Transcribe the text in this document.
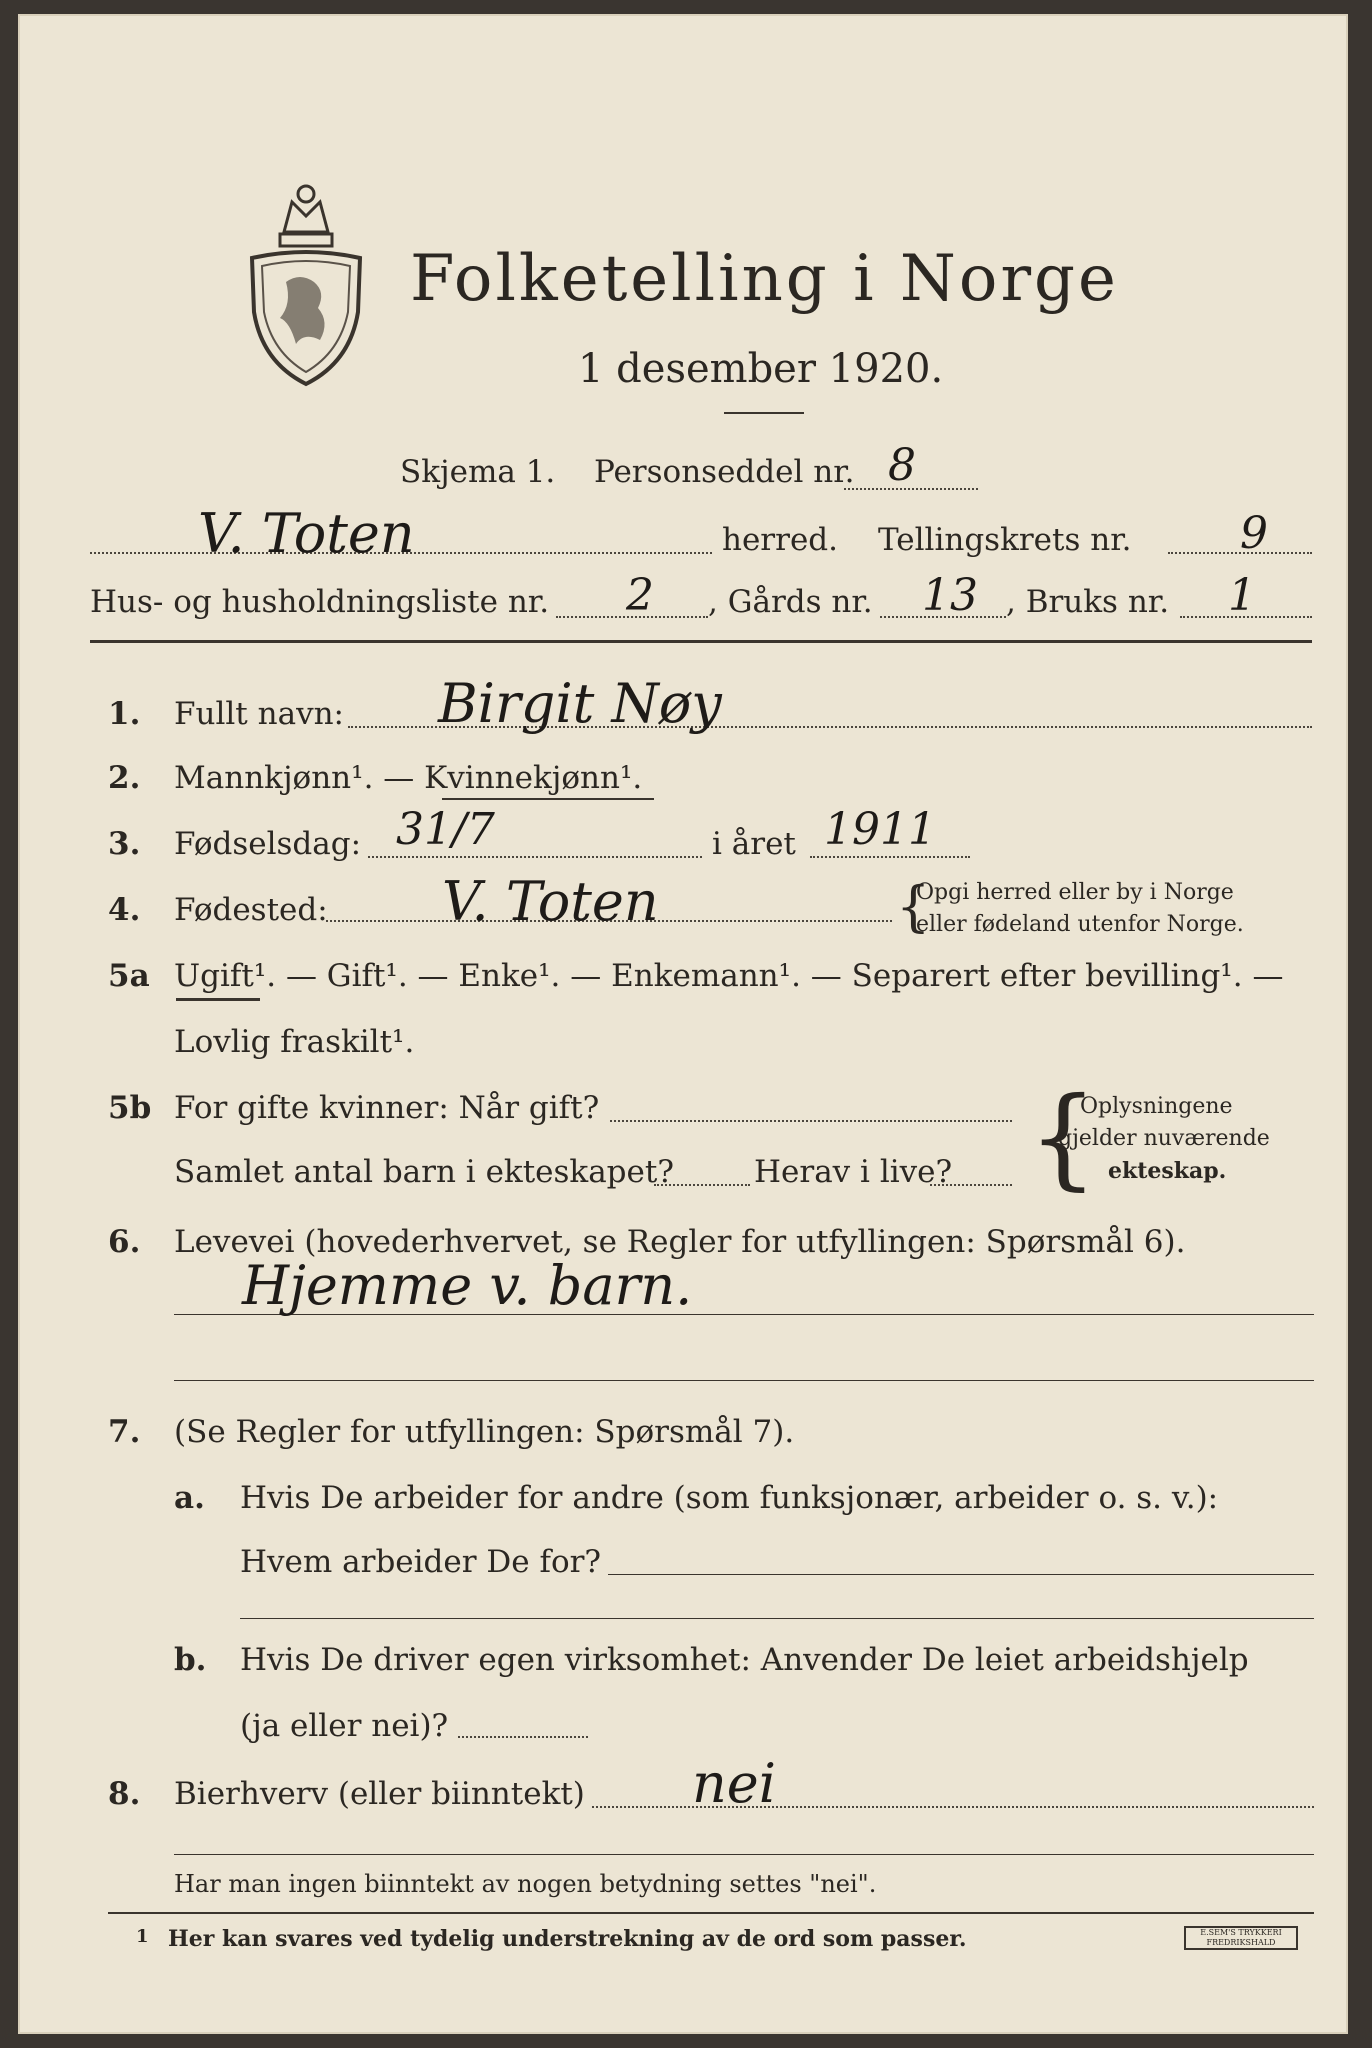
Folketelling i Norge
1 desember 1920.
Skjema 1. Personseddel nr. 8
V. Toten	herred. Tellingskrets nr. 9
Hus- og husholdningsliste nr. 2 , Gårds nr. 13 , Bruks nr. 1
1. Fullt navn: Birgit Nøy
2. Mannkjønn¹. — Kvinnekjønn¹.
3. Fødselsdag: 31/7	i året 1911
4. Fødested: V. Toten	{
Opgi herred eller by i Norge
eller fødeland utenfor Norge.
5a Ugift¹. — Gift¹. — Enke¹. — Enkemann¹. — Separert efter bevilling¹. —
Lovlig fraskilt¹.
5b For gifte kvinner: Når gift?
Samlet antal barn i ekteskapet?	Herav i live? {
Oplysningene
gjelder nuværende
ekteskap.
6. Levevei (hovederhvervet, se Regler for utfyllingen: Spørsmål 6).
Hjemme v. barn.
7. (Se Regler for utfyllingen: Spørsmål 7).
a. Hvis De arbeider for andre (som funksjonær, arbeider o. s. v.):
Hvem arbeider De for?
b. Hvis De driver egen virksomhet: Anvender De leiet arbeidshjelp
(ja eller nei)?
8. Bierhverv (eller biinntekt) nei
Har man ingen biinntekt av nogen betydning settes "nei".
1 Her kan svares ved tydelig understrekning av de ord som passer.	E.SEM'S TRYKKERI FREDRIKSHALD
